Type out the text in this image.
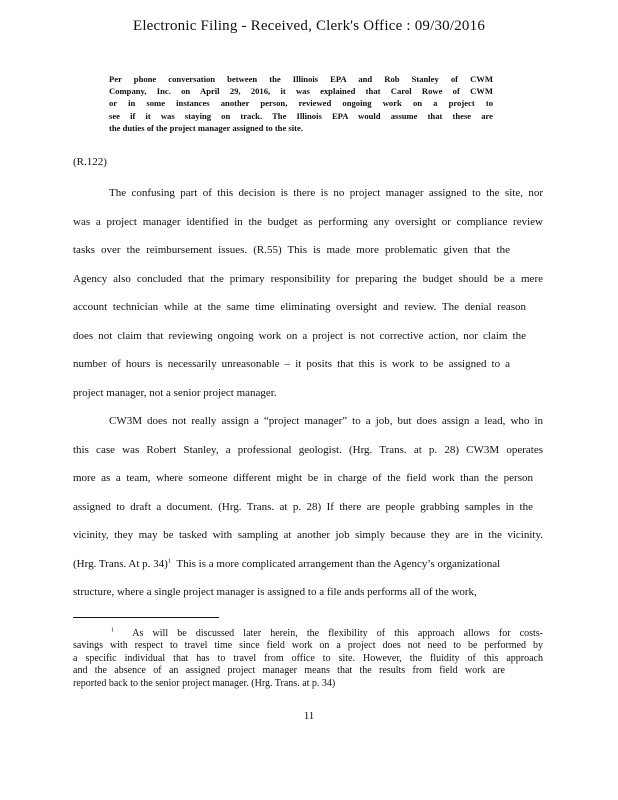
Electronic Filing - Received, Clerk's Office : 09/30/2016
Per phone conversation between the Illinois EPA and Rob Stanley of CWM
Company, Inc. on April 29, 2016, it was explained that Carol Rowe of CWM
or in some instances another person, reviewed ongoing work on a project to
see if it was staying on track. The Illinois EPA would assume that these are
the duties of the project manager assigned to the site.
(R.122)
The confusing part of this decision is there is no project manager assigned to the site, nor
was a project manager identified in the budget as performing any oversight or compliance review
tasks over the reimbursement issues. (R.55) This is made more problematic given that the
Agency also concluded that the primary responsibility for preparing the budget should be a mere
account technician while at the same time eliminating oversight and review. The denial reason
does not claim that reviewing ongoing work on a project is not corrective action, nor claim the
number of hours is necessarily unreasonable – it posits that this is work to be assigned to a
project manager, not a senior project manager.
CW3M does not really assign a “project manager” to a job, but does assign a lead, who in
this case was Robert Stanley, a professional geologist. (Hrg. Trans. at p. 28) CW3M operates
more as a team, where someone different might be in charge of the field work than the person
assigned to draft a document. (Hrg. Trans. at p. 28) If there are people grabbing samples in the
vicinity, they may be tasked with sampling at another job simply because they are in the vicinity.
(Hrg. Trans. At p. 34)$^1$ This is a more complicated arrangement than the Agency’s organizational
structure, where a single project manager is assigned to a file ands performs all of the work,
$^1$ As will be discussed later herein, the flexibility of this approach allows for costs-
savings with respect to travel time since field work on a project does not need to be performed by
a specific individual that has to travel from office to site. However, the fluidity of this approach
and the absence of an assigned project manager means that the results from field work are
reported back to the senior project manager. (Hrg. Trans. at p. 34)
11
